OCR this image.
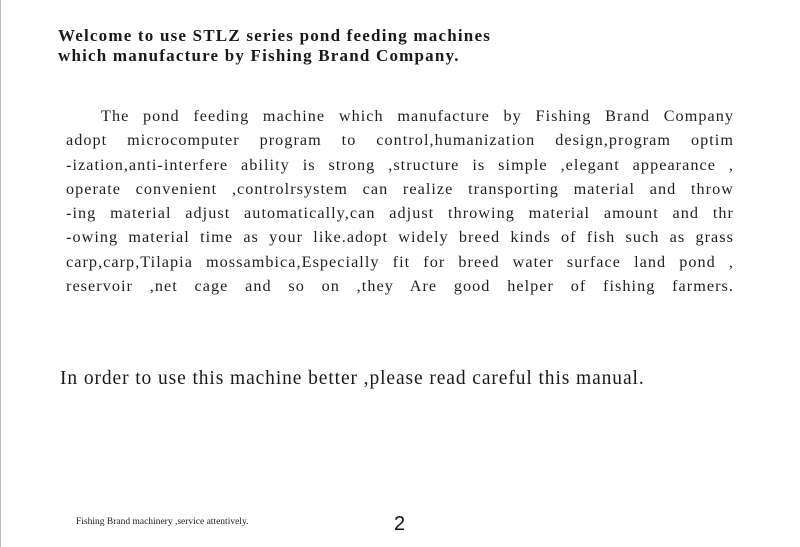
Welcome to use STLZ series pond feeding machines
which manufacture by Fishing Brand Company.

The pond feeding machine which manufacture by Fishing Brand Company
adopt microcomputer program to control,humanization design,program optim
-ization,anti-interfere ability is strong ,structure is simple ,elegant appearance ,
operate convenient ,controlrsystem can realize transporting material and throw
-ing material adjust automatically,can adjust throwing material amount and thr
-owing material time as your like.adopt widely breed kinds of fish such as grass
carp,carp,Tilapia mossambica,Especially fit for breed water surface land pond ,
reservoir ,net cage and so on ,they Are good helper of fishing farmers.

In order to use this machine better ,please read careful this manual.

Fishing Brand machinery ,service attentively.	2
